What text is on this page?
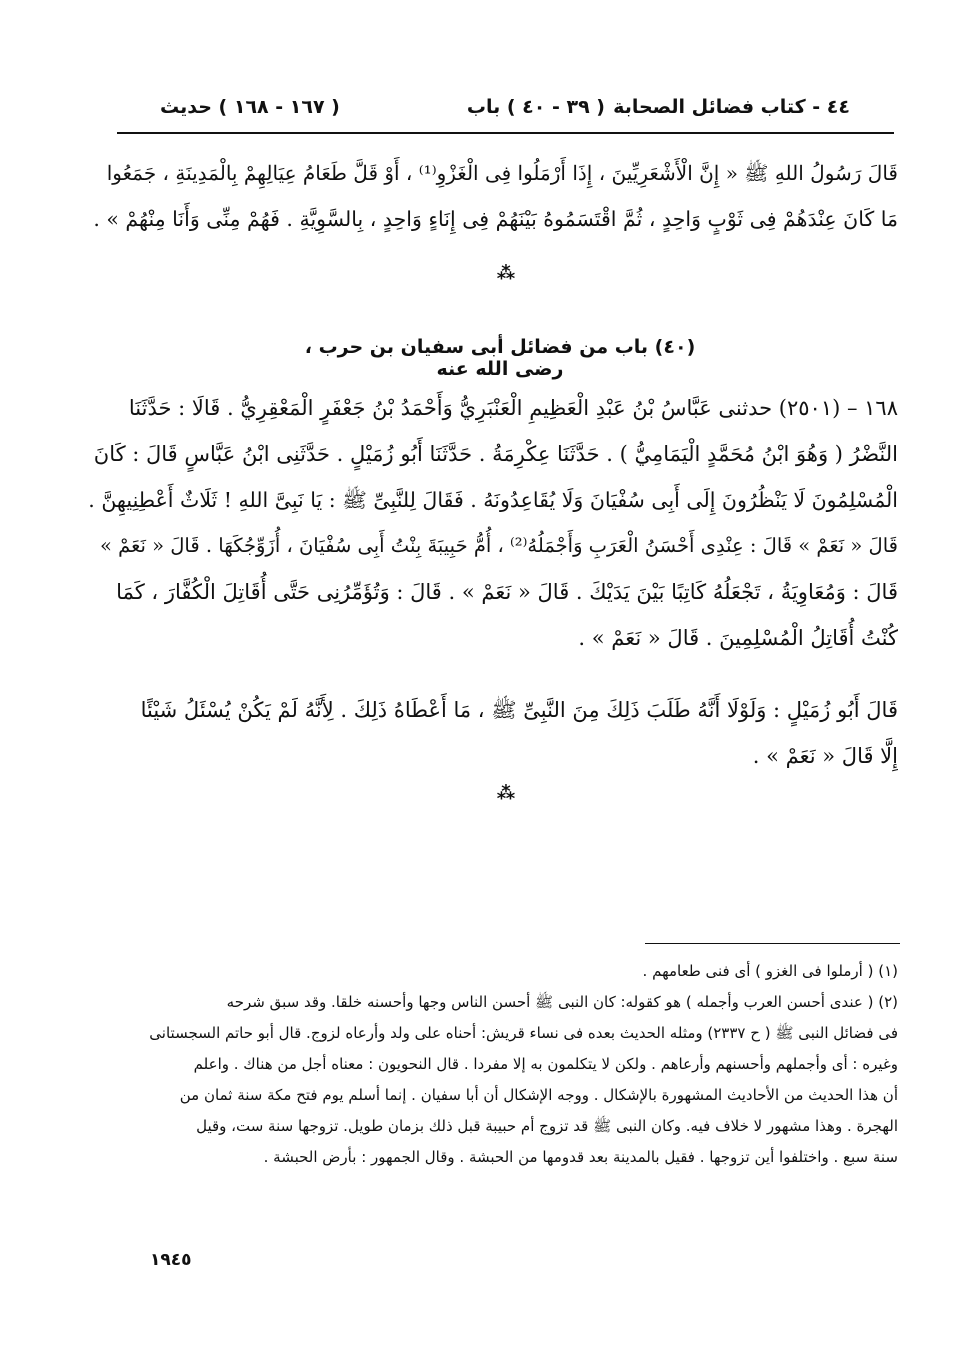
٤٤ - كتاب فضائل الصحابة
( ٣٩ - ٤٠ ) باب
( ١٦٧ - ١٦٨ ) حديث
قَالَ رَسُولُ اللهِ ﷺ « إِنَّ الْأَشْعَرِيِّينَ ، إِذَا أَرْمَلُوا فِى الْغَزْوِ⁽¹⁾ ، أَوْ قَلَّ طَعَامُ عِيَالِهِمْ بِالْمَدِينَةِ ، جَمَعُوا
مَا كَانَ عِنْدَهُمْ فِى ثَوْبٍ وَاحِدٍ ، ثُمَّ اقْتَسَمُوهُ بَيْنَهُمْ فِى إِنَاءٍ وَاحِدٍ ، بِالسَّوِيَّةِ . فَهُمْ مِنِّى وَأَنَا مِنْهُمْ » .
⁂
(٤٠) باب من فضائل أبى سفيان بن حرب ، رضى الله عنه
١٦٨ – (٢٥٠١) حدثنى عَبَّاسُ بْنُ عَبْدِ الْعَظِيمِ الْعَنْبَرِيُّ وَأَحْمَدُ بْنُ جَعْفَرٍ الْمَعْقِرِيُّ . قَالَا : حَدَّثَنَا
النَّضْرُ ( وَهُوَ ابْنُ مُحَمَّدٍ الْيَمَامِيُّ ) . حَدَّثَنَا عِكْرِمَةُ . حَدَّثَنَا أَبُو زُمَيْلٍ . حَدَّثَنِى ابْنُ عَبَّاسٍ قَالَ : كَانَ
الْمُسْلِمُونَ لَا يَنْظُرُونَ إِلَى أَبِى سُفْيَانَ وَلَا يُقَاعِدُونَهُ . فَقَالَ لِلنَّبِىِّ ﷺ : يَا نَبِىَّ اللهِ ! ثَلَاثٌ أَعْطِنِيهِنَّ .
قَالَ « نَعَمْ » قَالَ : عِنْدِى أَحْسَنُ الْعَرَبِ وَأَجْمَلُهُ⁽²⁾ ، أُمُّ حَبِيبَةَ بِنْتُ أَبِى سُفْيَانَ ، أُزَوِّجُكَهَا . قَالَ « نَعَمْ »
قَالَ : وَمُعَاوِيَةُ ، تَجْعَلُهُ كَاتِبًا بَيْنَ يَدَيْكَ . قَالَ « نَعَمْ » . قَالَ : وَتُؤَمِّرُنِى حَتَّى أُقَاتِلَ الْكُفَّارَ ، كَمَا
كُنْتُ أُقَاتِلُ الْمُسْلِمِينَ . قَالَ « نَعَمْ » .
قَالَ أَبُو زُمَيْلٍ : وَلَوْلَا أَنَّهُ طَلَبَ ذَلِكَ مِنَ النَّبِىِّ ﷺ ، مَا أَعْطَاهُ ذَلِكَ . لِأَنَّهُ لَمْ يَكُنْ يُسْئَلُ شَيْئًا
إِلَّا قَالَ « نَعَمْ » .
⁂
(١) ( أرملوا فى الغزو ) أى فنى طعامهم .
(٢) ( عندى أحسن العرب وأجمله ) هو كقوله: كان النبى ﷺ أحسن الناس وجها وأحسنه خلقا. وقد سبق شرحه
فى فضائل النبى ﷺ ( ح ٢٣٣٧) ومثله الحديث بعده فى نساء قريش: أحناه على ولد وأرعاه لزوج. قال أبو حاتم السجستانى
وغيره : أى وأجملهم وأحسنهم وأرعاهم . ولكن لا يتكلمون به إلا مفردا . قال النحويون : معناه أجل من هناك . واعلم
أن هذا الحديث من الأحاديث المشهورة بالإشكال . ووجه الإشكال أن أبا سفيان . إنما أسلم يوم فتح مكة سنة ثمان من
الهجرة . وهذا مشهور لا خلاف فيه. وكان النبى ﷺ قد تزوج أم حبيبة قبل ذلك بزمان طويل. تزوجها سنة ست، وقيل
سنة سبع . واختلفوا أين تزوجها . فقيل بالمدينة بعد قدومها من الحبشة . وقال الجمهور : بأرض الحبشة .
١٩٤٥
